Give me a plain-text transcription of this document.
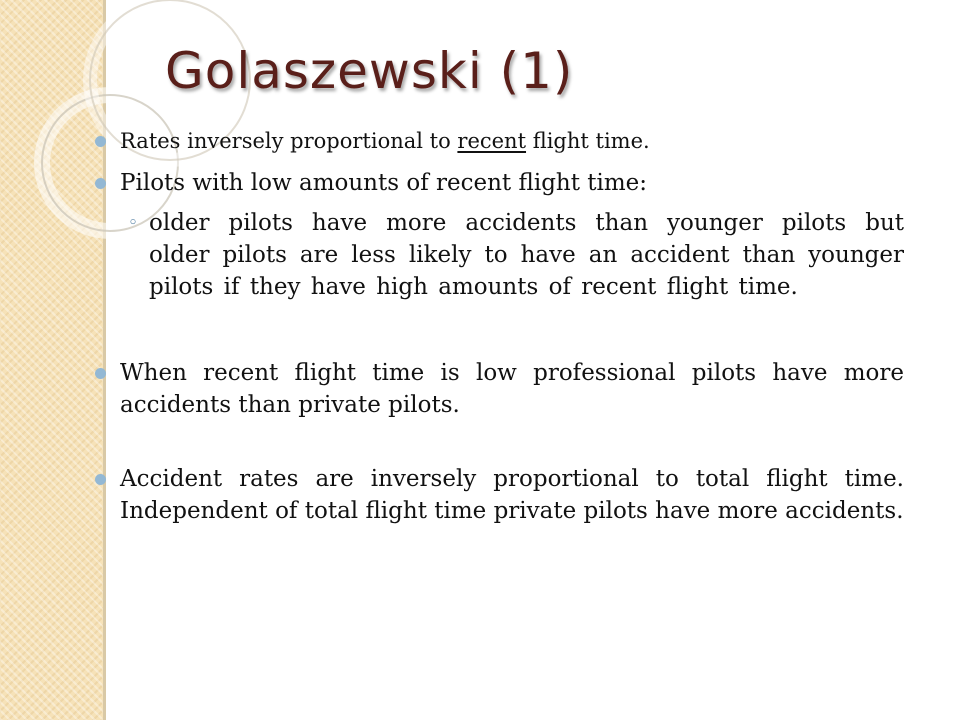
Golaszewski (1)
Rates inversely proportional to recent flight time.
Pilots with low amounts of recent flight time:
◦ older pilots have more accidents than younger pilots but older pilots are less likely to have an accident than younger pilots if they have high amounts of recent flight time.
When recent flight time is low professional pilots have more accidents than private pilots.
Accident rates are inversely proportional to total flight time. Independent of total flight time private pilots have more accidents.
